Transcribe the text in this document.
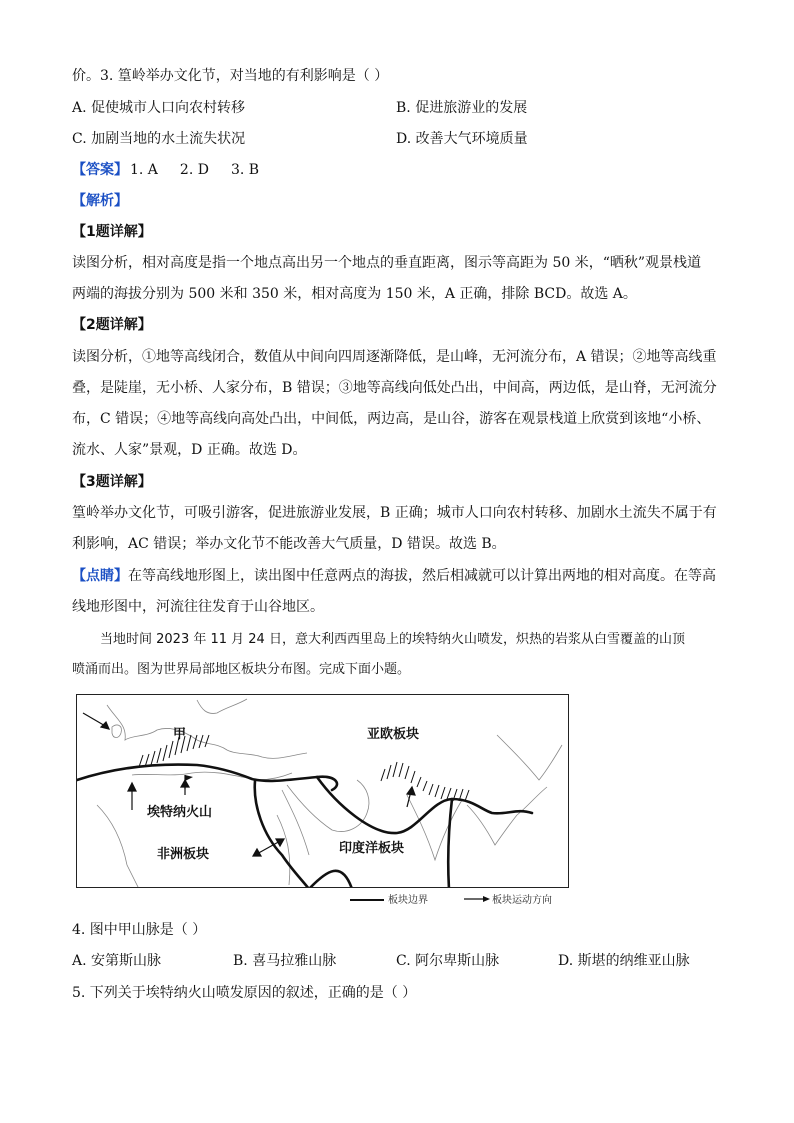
价。3. 篁岭举办文化节，对当地的有利影响是（ ）
A. 促使城市人口向农村转移	B. 促进旅游业的发展
C. 加剧当地的水土流失状况	D. 改善大气环境质量
【答案】 1. A 2. D 3. B
【解析】
【1题详解】
读图分析，相对高度是指一个地点高出另一个地点的垂直距离，图示等高距为 50 米，“晒秋”观景栈道
两端的海拔分别为 500 米和 350 米，相对高度为 150 米，A 正确，排除 BCD。故选 A。
【2题详解】
读图分析，①地等高线闭合，数值从中间向四周逐渐降低，是山峰，无河流分布，A 错误；②地等高线重
叠，是陡崖，无小桥、人家分布，B 错误；③地等高线向低处凸出，中间高，两边低，是山脊，无河流分
布，C 错误；④地等高线向高处凸出，中间低，两边高，是山谷，游客在观景栈道上欣赏到该地“小桥、
流水、人家”景观，D 正确。故选 D。
【3题详解】
篁岭举办文化节，可吸引游客，促进旅游业发展，B 正确；城市人口向农村转移、加剧水土流失不属于有
利影响，AC 错误；举办文化节不能改善大气质量，D 错误。故选 B。
【点睛】在等高线地形图上，读出图中任意两点的海拔，然后相减就可以计算出两地的相对高度。在等高
线地形图中，河流往往发育于山谷地区。
当地时间 2023 年 11 月 24 日，意大利西西里岛上的埃特纳火山喷发，炽热的岩浆从白雪覆盖的山顶
喷涌而出。图为世界局部地区板块分布图。完成下面小题。
甲	亚欧板块
埃特纳火山
非洲板块	印度洋板块
板块边界	板块运动方向
4. 图中甲山脉是（ ）
A. 安第斯山脉	B. 喜马拉雅山脉	C. 阿尔卑斯山脉	D. 斯堪的纳维亚山脉
5. 下列关于埃特纳火山喷发原因的叙述，正确的是（ ）
